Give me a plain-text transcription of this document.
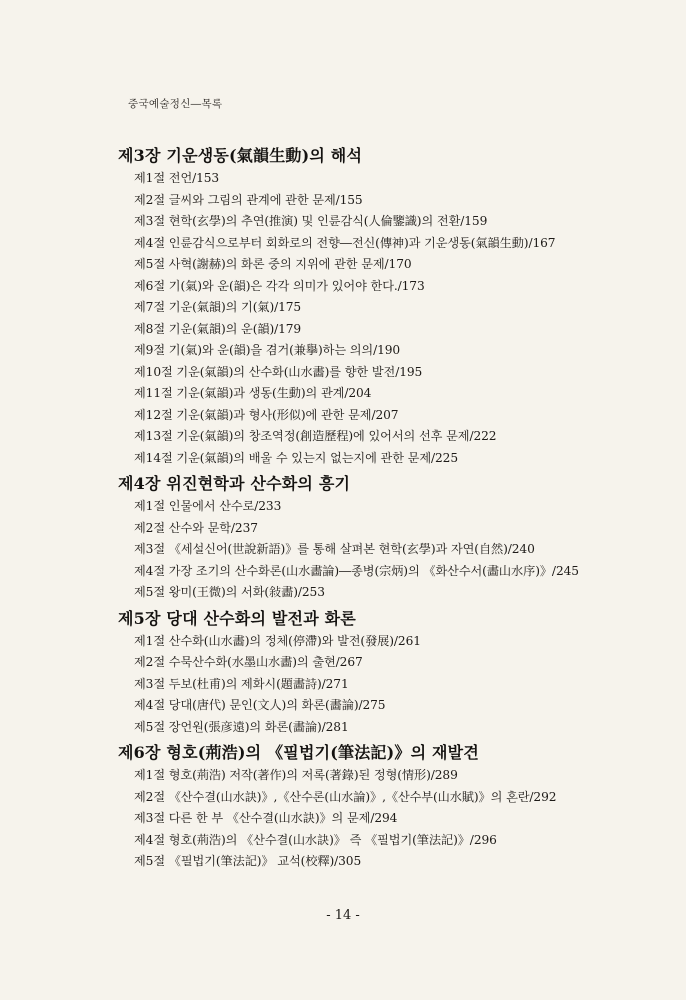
중국예술정신―목록
제3장 기운생동(氣韻生動)의 해석
제1절 전언/153
제2절 글씨와 그림의 관계에 관한 문제/155
제3절 현학(玄學)의 추연(推演) 및 인륜감식(人倫鑒識)의 전환/159
제4절 인륜감식으로부터 회화로의 전향―전신(傳神)과 기운생동(氣韻生動)/167
제5절 사혁(謝赫)의 화론 중의 지위에 관한 문제/170
제6절 기(氣)와 운(韻)은 각각 의미가 있어야 한다./173
제7절 기운(氣韻)의 기(氣)/175
제8절 기운(氣韻)의 운(韻)/179
제9절 기(氣)와 운(韻)을 겸거(兼擧)하는 의의/190
제10절 기운(氣韻)의 산수화(山水畵)를 향한 발전/195
제11절 기운(氣韻)과 생동(生動)의 관계/204
제12절 기운(氣韻)과 형사(形似)에 관한 문제/207
제13절 기운(氣韻)의 창조역정(創造歷程)에 있어서의 선후 문제/222
제14절 기운(氣韻)의 배울 수 있는지 없는지에 관한 문제/225
제4장 위진현학과 산수화의 흥기
제1절 인물에서 산수로/233
제2절 산수와 문학/237
제3절 《세설신어(世說新語)》를 통해 살펴본 현학(玄學)과 자연(自然)/240
제4절 가장 조기의 산수화론(山水畵論)―종병(宗炳)의 《화산수서(畵山水序)》/245
제5절 왕미(王微)의 서화(敍畵)/253
제5장 당대 산수화의 발전과 화론
제1절 산수화(山水畵)의 정체(停滯)와 발전(發展)/261
제2절 수묵산수화(水墨山水畵)의 출현/267
제3절 두보(杜甫)의 제화시(題畵詩)/271
제4절 당대(唐代) 문인(文人)의 화론(畵論)/275
제5절 장언원(張彦遠)의 화론(畵論)/281
제6장 형호(荊浩)의 《필법기(筆法記)》의 재발견
제1절 형호(荊浩) 저작(著作)의 저록(著錄)된 정형(情形)/289
제2절 《산수결(山水訣)》,《산수론(山水論)》,《산수부(山水賦)》의 혼란/292
제3절 다른 한 부 《산수결(山水訣)》의 문제/294
제4절 형호(荊浩)의 《산수결(山水訣)》 즉 《필법기(筆法記)》/296
제5절 《필법기(筆法記)》 교석(校釋)/305
- 14 -
